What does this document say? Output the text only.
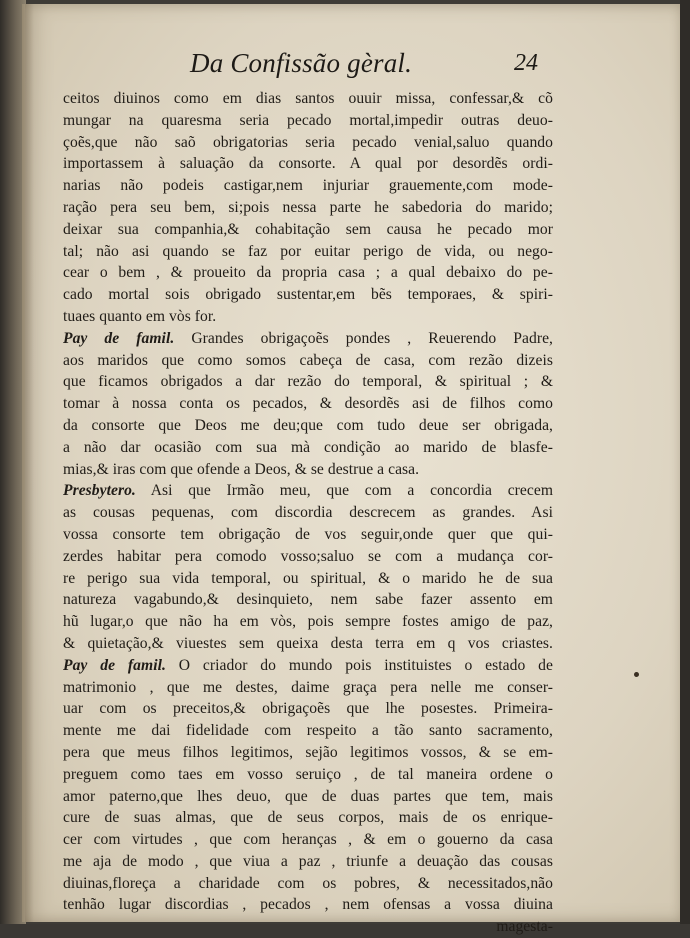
Da Confissão gèral.	24
ceitos diuinos como em dias santos ouuir missa, confessar,& cõ
mungar na quaresma seria pecado mortal,impedir outras deuo-
çoẽs,que não saõ obrigatorias seria pecado venial,saluo quando
importassem à saluação da consorte. A qual por desordẽs ordi-
narias não podeis castigar,nem injuriar grauemente,com mode-
ração pera seu bem, si;pois nessa parte he sabedoria do marido;
deixar sua companhia,& cohabitação sem causa he pecado mor
tal; não asi quando se faz por euitar perigo de vida, ou nego-
cear o bem , & proueito da propria casa ; a qual debaixo do pe-
cado mortal sois obrigado sustentar,em bẽs temporaes, & spiri-
tuaes quanto em vòs for.
Pay de famil. Grandes obrigaçoẽs pondes , Reuerendo Padre,
aos maridos que como somos cabeça de casa, com rezão dizeis
que ficamos obrigados a dar rezão do temporal, & spiritual ; &
tomar à nossa conta os pecados, & desordẽs asi de filhos como
da consorte que Deos me deu;que com tudo deue ser obrigada,
a não dar ocasião com sua mà condição ao marido de blasfe-
mias,& iras com que ofende a Deos, & se destrue a casa.
Presbytero. Asi que Irmão meu, que com a concordia crecem
as cousas pequenas, com discordia descrecem as grandes. Asi
vossa consorte tem obrigação de vos seguir,onde quer que qui-
zerdes habitar pera comodo vosso;saluo se com a mudança cor-
re perigo sua vida temporal, ou spiritual, & o marido he de sua
natureza vagabundo,& desinquieto, nem sabe fazer assento em
hũ lugar,o que não ha em vòs, pois sempre fostes amigo de paz,
& quietação,& viuestes sem queixa desta terra em q vos criastes.
Pay de famil. O criador do mundo pois instituistes o estado de
matrimonio , que me destes, daime graça pera nelle me conser-
uar com os preceitos,& obrigaçoẽs que lhe posestes. Primeira-
mente me dai fidelidade com respeito a tão santo sacramento,
pera que meus filhos legitimos, sejão legitimos vossos, & se em-
preguem como taes em vosso seruiço , de tal maneira ordene o
amor paterno,que lhes deuo, que de duas partes que tem, mais
cure de suas almas, que de seus corpos, mais de os enrique-
cer com virtudes , que com heranças , & em o gouerno da casa
me aja de modo , que viua a paz , triunfe a deuação das cousas
diuinas,floreça a charidade com os pobres, & necessitados,não
tenhão lugar discordias , pecados , nem ofensas a vossa diuina
magesta-
